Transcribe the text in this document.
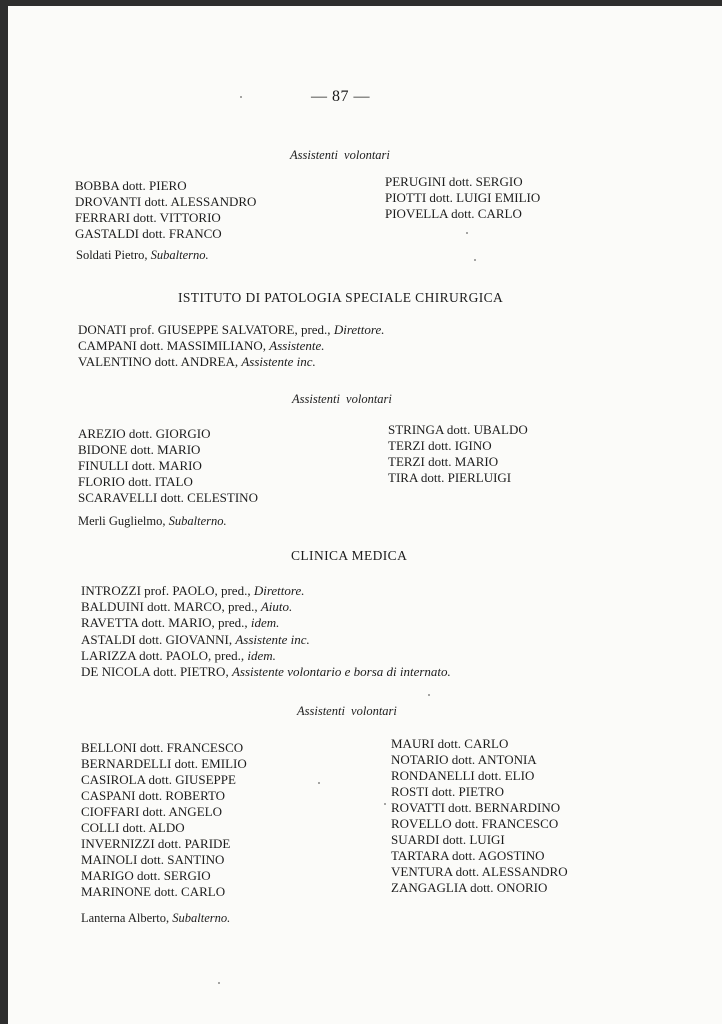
— 87 —
Assistenti volontari
BOBBA dott. PIERO
DROVANTI dott. ALESSANDRO
FERRARI dott. VITTORIO
GASTALDI dott. FRANCO
PERUGINI dott. SERGIO
PIOTTI dott. LUIGI EMILIO
PIOVELLA dott. CARLO
Soldati Pietro, Subalterno.
ISTITUTO DI PATOLOGIA SPECIALE CHIRURGICA
DONATI prof. GIUSEPPE SALVATORE, pred., Direttore.
CAMPANI dott. MASSIMILIANO, Assistente.
VALENTINO dott. ANDREA, Assistente inc.
Assistenti volontari
AREZIO dott. GIORGIO
BIDONE dott. MARIO
FINULLI dott. MARIO
FLORIO dott. ITALO
SCARAVELLI dott. CELESTINO
STRINGA dott. UBALDO
TERZI dott. IGINO
TERZI dott. MARIO
TIRA dott. PIERLUIGI
Merli Guglielmo, Subalterno.
CLINICA MEDICA
INTROZZI prof. PAOLO, pred., Direttore.
BALDUINI dott. MARCO, pred., Aiuto.
RAVETTA dott. MARIO, pred., idem.
ASTALDI dott. GIOVANNI, Assistente inc.
LARIZZA dott. PAOLO, pred., idem.
DE NICOLA dott. PIETRO, Assistente volontario e borsa di internato.
Assistenti volontari
BELLONI dott. FRANCESCO
BERNARDELLI dott. EMILIO
CASIROLA dott. GIUSEPPE
CASPANI dott. ROBERTO
CIOFFARI dott. ANGELO
COLLI dott. ALDO
INVERNIZZI dott. PARIDE
MAINOLI dott. SANTINO
MARIGO dott. SERGIO
MARINONE dott. CARLO
MAURI dott. CARLO
NOTARIO dott. ANTONIA
RONDANELLI dott. ELIO
ROSTI dott. PIETRO
ROVATTI dott. BERNARDINO
ROVELLO dott. FRANCESCO
SUARDI dott. LUIGI
TARTARA dott. AGOSTINO
VENTURA dott. ALESSANDRO
ZANGAGLIA dott. ONORIO
Lanterna Alberto, Subalterno.
